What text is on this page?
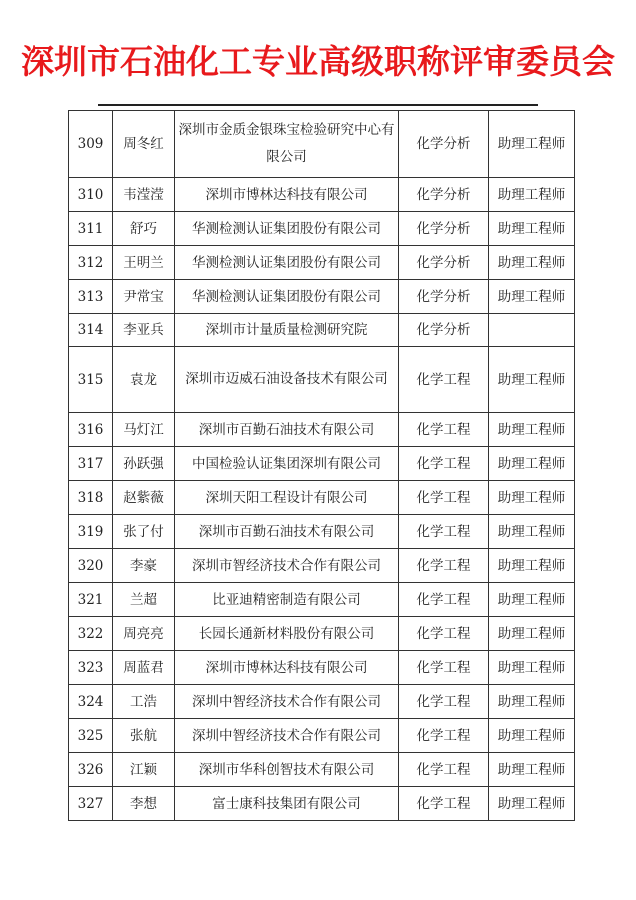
深圳市石油化工专业高级职称评审委员会
309	周冬红	深圳市金质金银珠宝检验研究中心有限公司	化学分析	助理工程师
310	韦滢滢	深圳市博林达科技有限公司	化学分析	助理工程师
311	舒巧	华测检测认证集团股份有限公司	化学分析	助理工程师
312	王明兰	华测检测认证集团股份有限公司	化学分析	助理工程师
313	尹常宝	华测检测认证集团股份有限公司	化学分析	助理工程师
314	李亚兵	深圳市计量质量检测研究院	化学分析	
315	袁龙	深圳市迈威石油设备技术有限公司	化学工程	助理工程师
316	马灯江	深圳市百勤石油技术有限公司	化学工程	助理工程师
317	孙跃强	中国检验认证集团深圳有限公司	化学工程	助理工程师
318	赵紫薇	深圳天阳工程设计有限公司	化学工程	助理工程师
319	张了付	深圳市百勤石油技术有限公司	化学工程	助理工程师
320	李豪	深圳市智经济技术合作有限公司	化学工程	助理工程师
321	兰超	比亚迪精密制造有限公司	化学工程	助理工程师
322	周亮亮	长园长通新材料股份有限公司	化学工程	助理工程师
323	周蓝君	深圳市博林达科技有限公司	化学工程	助理工程师
324	工浩	深圳中智经济技术合作有限公司	化学工程	助理工程师
325	张航	深圳中智经济技术合作有限公司	化学工程	助理工程师
326	江颖	深圳市华科创智技术有限公司	化学工程	助理工程师
327	李想	富士康科技集团有限公司	化学工程	助理工程师
